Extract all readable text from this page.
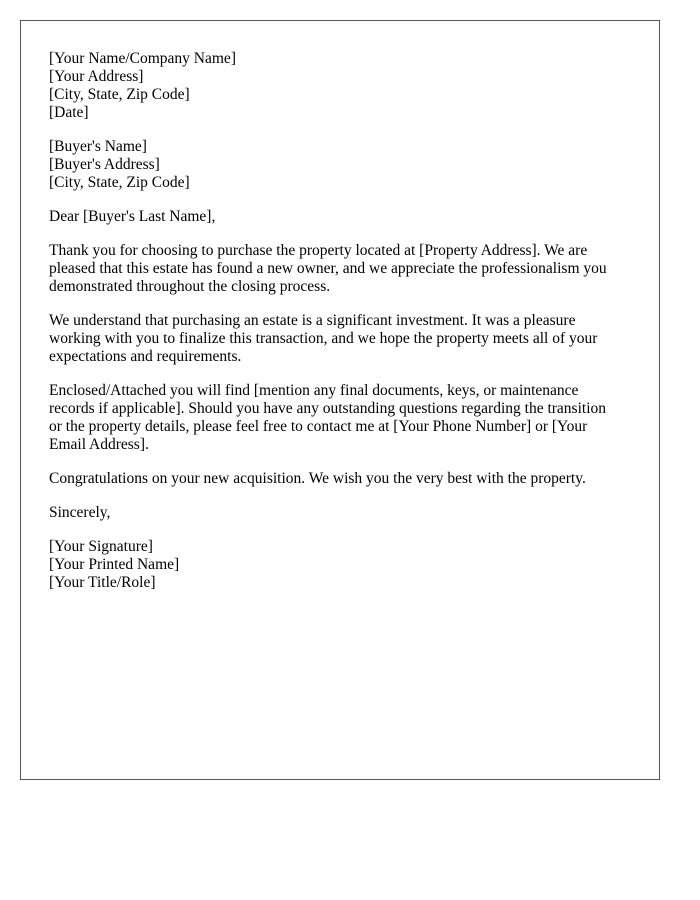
[Your Name/Company Name]
[Your Address]
[City, State, Zip Code]
[Date]
[Buyer's Name]
[Buyer's Address]
[City, State, Zip Code]
Dear [Buyer's Last Name],
Thank you for choosing to purchase the property located at [Property Address]. We are
pleased that this estate has found a new owner, and we appreciate the professionalism you
demonstrated throughout the closing process.
We understand that purchasing an estate is a significant investment. It was a pleasure
working with you to finalize this transaction, and we hope the property meets all of your
expectations and requirements.
Enclosed/Attached you will find [mention any final documents, keys, or maintenance
records if applicable]. Should you have any outstanding questions regarding the transition
or the property details, please feel free to contact me at [Your Phone Number] or [Your
Email Address].
Congratulations on your new acquisition. We wish you the very best with the property.
Sincerely,
[Your Signature]
[Your Printed Name]
[Your Title/Role]
